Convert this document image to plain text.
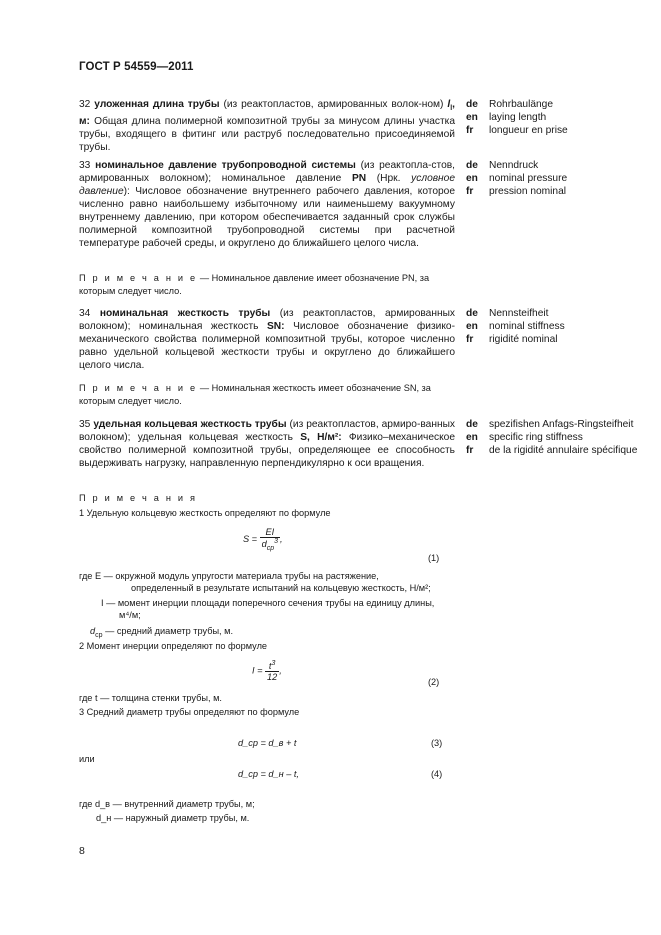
ГОСТ Р 54559—2011
32 уложенная длина трубы (из реактопластов, армированных волок-ном) $l_l$, м: Общая длина полимерной композитной трубы за минусом длины участка трубы, входящего в фитинг или раструб последовательно присоединяемой трубы.
de	Rohrbaulänge
en	laying length
fr	longueur en prise
33 номинальное давление трубопроводной системы (из реактопла-стов, армированных волокном); номинальное давление PN (Нрк. условное давление): Числовое обозначение внутреннего рабочего давления, которое численно равно наибольшему избыточному или наименьшему вакуумному внутреннему давлению, при котором обеспечивается заданный срок службы полимерной композитной трубопроводной системы при расчетной температуре рабочей среды, и округлено до ближайшего целого числа.
de	Nenndruck
en	nominal pressure
fr	pression nominal
П р и м е ч а н и е — Номинальное давление имеет обозначение PN, за которым следует число.
34 номинальная жесткость трубы (из реактопластов, армированных волокном); номинальная жесткость SN: Числовое обозначение физико-механического свойства полимерной композитной трубы, которое численно равно удельной кольцевой жесткости трубы и округлено до ближайшего целого числа.
de	Nennsteifheit
en	nominal stiffness
fr	rigidité nominal
П р и м е ч а н и е — Номинальная жесткость имеет обозначение SN, за которым следует число.
35 удельная кольцевая жесткость трубы (из реактопластов, армиро-ванных волокном); удельная кольцевая жесткость S, Н/м²: Физико–механическое свойство полимерной композитной трубы, определяющее ее способность выдерживать нагрузку, направленную перпендикулярно к оси вращения.
de	spezifishen Anfags-Ringsteifheit
en	specific ring stiffness
fr	de la rigidité annulaire spécifique
П р и м е ч а н и я
1 Удельную кольцевую жесткость определяют по формуле
$S = \frac{EI}{d_{ср}^3}$ ,
(1)
где E — окружной модуль упругости материала трубы на растяжение,
определенный в результате испытаний на кольцевую жесткость, Н/м²;
I — момент инерции площади поперечного сечения трубы на единицу длины,
м⁴/м;
$d_{ср}$ — средний диаметр трубы, м.
2 Момент инерции определяют по формуле
$I = \frac{t^3}{12}$ ,
(2)
где t — толщина стенки трубы, м.
3 Средний диаметр трубы определяют по формуле
d_ср = d_в + t	(3)
или
d_ср = d_н – t,	(4)
где d_в — внутренний диаметр трубы, м;
d_н — наружный диаметр трубы, м.
8
